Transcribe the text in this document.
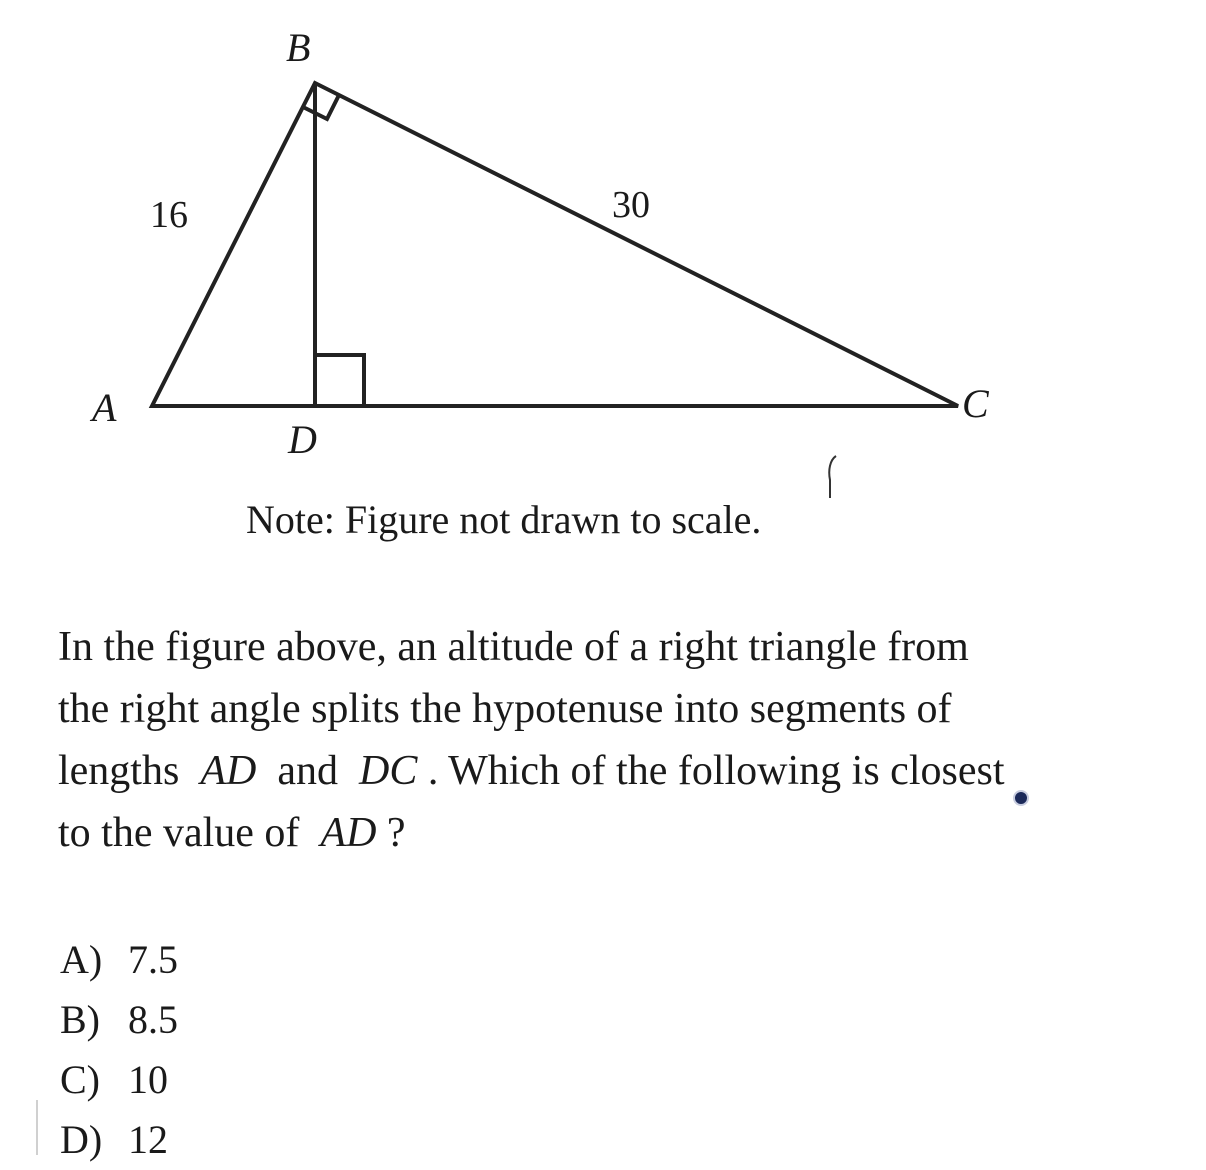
B
A
D
C
16	30
Note: Figure not drawn to scale.
In the figure above, an altitude of a right triangle from
the right angle splits the hypotenuse into segments of
lengths AD and DC . Which of the following is closest
to the value of AD ?
A) 7.5
B) 8.5
C) 10
D) 12
